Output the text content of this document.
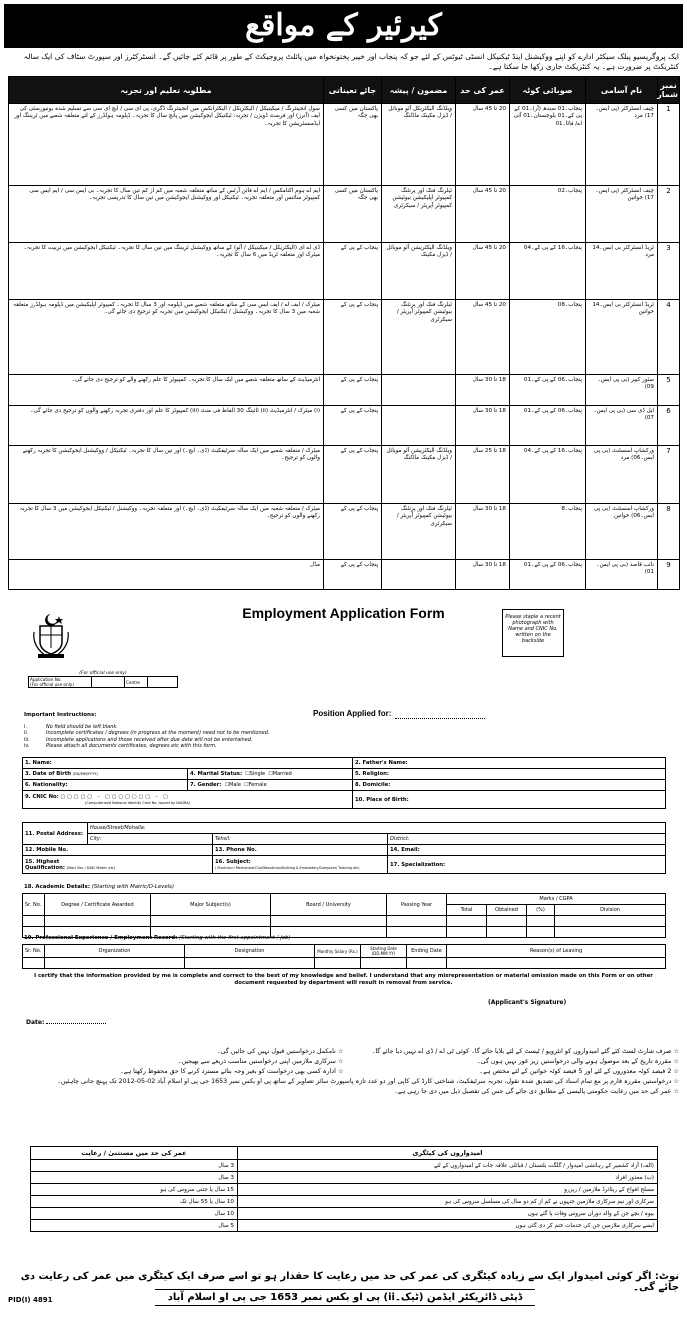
کیرئیر کے مواقع
ایک پروگریسیو پبلک سیکٹر ادارے کو اپنے ووکیشنل اینڈ ٹیکنیکل انسٹی ٹیوٹس کے لئے جو کہ پنجاب اور خیبر پختونخواہ میں پائلٹ پروجیکٹ کے طور پر قائم کئے جائیں گے۔ انسٹرکٹرز اور سپورٹ سٹاف کی ایک سالہ کنٹریکٹ پر ضرورت ہے۔ یہ کنٹریکٹ جاری رکھا جا سکتا ہے۔
نمبر شمار	نام آسامی	صوبائی کوٹہ	عمر کی حد	مضمون / پیشہ	جائے تعیناتی	مطلوبہ تعلیم اور تجربہ
1	چیف انسٹرکٹر (پی ایس۔17) مرد	پنجاب۔01 سندھ (آر)۔01 کے پی کے۔01 بلوچستان۔01 آئی اے/ فاٹا۔01	20 تا 45 سال	ویلڈنگ الیکٹریکل آٹو موبائل / ڈیزل مکینک ماڈلنگ	پاکستان میں کسی بھی جگہ	سول انجینئرنگ / میکینیکل / الیکٹریکل / الیکٹرانکس میں انجینئرنگ ڈگری، پی ای سی / ایچ ای سی سے تسلیم شدہ یونیورسٹی کی ایف (آنرز) اور فرسٹ ڈویژن / تجربہ: ٹیکنیکل ایجوکیشن میں پانچ سال کا تجربہ۔ ڈپلومہ ہولڈرز کے لئے متعلقہ شعبے میں ٹریننگ اور ایڈمنسٹریشن کا تجربہ۔
2	چیف انسٹرکٹر (پی ایس۔17) خواتین	پنجاب۔02	20 تا 45 سال	ٹیلرنگ فنک اور پرنٹنگ کمپیوٹر اپلیکیشن بیوٹیشن کمپیوٹر آپریٹر / سیکرٹری	پاکستان میں کسی بھی جگہ	ایم اے ہوم اکنامکس / ایم اے فائن آرٹس کے ساتھ متعلقہ شعبہ میں کم از کم تین سال کا تجربہ۔ بی ایس سی / ایم ایس سی کمپیوٹر سائنس اور متعلقہ تجربہ۔ ٹیکنیکل اور ووکیشنل ایجوکیشن میں تین سال کا تدریسی تجربہ۔
3	ٹریڈ انسٹرکٹر بی ایس۔14 مرد	پنجاب۔16 کے پی کے۔04	20 تا 45 سال	ویلڈنگ الیکٹریشن آٹو موبائل / ڈیزل مکینک	پنجاب کے پی کے	ڈی اے ای (الیکٹریکل / میکینیکل / آٹو) کے ساتھ ووکیشنل ٹریننگ میں تین سال کا تجربہ۔ ٹیکنیکل ایجوکیشن میں تربیت کا تجربہ۔ میٹرک اور متعلقہ ٹریڈ میں 6 سال کا تجربہ۔
4	ٹریڈ انسٹرکٹر بی ایس۔14 خواتین	پنجاب۔08	20 تا 45 سال	ٹیلرنگ فنک اور پرنٹنگ بیوٹیشن کمپیوٹر آپریٹر / سیکرٹری	پنجاب کے پی کے	میٹرک / ایف اے / ایف ایس سی کے ساتھ متعلقہ شعبے میں ڈپلومہ اور 3 سال کا تجربہ۔ کمپیوٹر اپلیکیشن میں ڈپلومہ ہولڈرز متعلقہ شعبہ میں 3 سال کا تجربہ۔ ووکیشنل / ٹیکنیکل ایجوکیشن میں تجربہ کو ترجیح دی جائے گی۔
5	سٹور کیپر (بی پی ایس۔09)	پنجاب۔06 کے پی کے۔01	18 تا 30 سال		پنجاب کے پی کے	انٹرمیڈیٹ کے ساتھ متعلقہ شعبے میں ایک سال کا تجربہ۔ کمپیوٹر کا علم رکھنے والے کو ترجیح دی جائے گی۔
6	ایل ڈی سی (بی پی ایس۔07)	پنجاب۔06 کے پی کے۔01	18 تا 30 سال		پنجاب کے پی کے	(i) میٹرک / انٹرمیڈیٹ (ii) ٹائپنگ 30 الفاظ فی منٹ (iii) کمپیوٹر کا علم اور دفتری تجربہ رکھنے والوں کو ترجیح دی جائے گی۔
7	ورکشاپ اسسٹنٹ (بی پی ایس۔06) مرد	پنجاب۔16 کے پی کے۔04	18 تا 25 سال	ویلڈنگ الیکٹریشن آٹو موبائل / ڈیزل مکینک ماڈلنگ	پنجاب کے پی کے	میٹرک / متعلقہ شعبے میں ایک سالہ سرٹیفکیٹ (ڈی۔ ایچ۔) اور تین سال کا تجربہ۔ ٹیکنیکل / ووکیشنل ایجوکیشن کا تجربہ رکھنے والوں کو ترجیح۔
8	ورکشاپ اسسٹنٹ (بی پی ایس۔06) خواتین	پنجاب۔8	18 تا 30 سال	ٹیلرنگ فنک اور پرنٹنگ بیوٹیشن کمپیوٹر آپریٹر / سیکرٹری	پنجاب کے پی کے	میٹرک / متعلقہ شعبہ میں ایک سالہ سرٹیفکیٹ (ڈی۔ ایچ۔) اور متعلقہ تجربہ۔ ووکیشنل / ٹیکنیکل ایجوکیشن میں 3 سال کا تجربہ رکھنے والوں کو ترجیح۔
9	نائب قاصد (بی پی ایس۔01)	پنجاب۔06 کے پی کے۔01	18 تا 30 سال		پنجاب کے پی کے	مڈل
Employment Application Form	Please staple a recent photograph with Name and CNIC No. written on the backside
(For official use only)
Application No.
(For official use only)		Centre	
Important Instructions:
i.	No field should be left blank.
ii.	Incomplete certificates / degrees (in progress at the moment) need not to be mentioned.
iii.	Incomplete applications and those received after due date will not be entertained.
iv.	Please attach all documents certificates, degrees etc with this form.
Position Applied for:
1. Name:		2. Father's Name:
3. Date of Birth (DD/MM/YYYY)	4. Marital Status: ☐Single ☐Married	5. Religion:
6. Nationality:	7. Gender: ☐Male ☐Female	8. Domicile:
9. CNIC No: ▢▢▢▢▢ - ▢▢▢▢▢▢▢ - ▢
(Computerized National Identity Card No. issued by NADRA)		10. Place of Birth:
11. Postal Address:	House/Street/Mohalla:		
	City:	Tehsil:	District:
12. Mobile No.		13. Phone No.	14. Email:
15. Highest
Qualification: (Mac/ Bsc / DAE/ Matric etc)		16. Subject:
( Electrical / Mechanical/Civil/Beautician/Knitting & Embroidery/Computer/ Tailoring etc)	17. Specialization:
18. Academic Details: (Starting with Matric/O-Levels)
Sr. No.	Degree / Certificate Awarded	Major Subject(s)	Board / University	Passing Year	Marks / CGPA			
					Total	Obtained	(%)	Division

19. Professional Experience / Employment Record: (Starting with the first appointment / job)
Sr. No.	Organization	Designation	Monthly Salary (Rs.)	Starting Date (DD.MM.YY)	Ending Date	Reason(s) of Leaving

I certify that the information provided by me is complete and correct to the best of my knowledge and belief. I understand that any misrepresentation or material omission made on this Form or on other document requested by department will result in removal from service.
(Applicant's Signature)
Date:

☆ صرف شارٹ لسٹ کئے گئے امیدواروں کو انٹرویو / ٹیسٹ کے لئے بلایا جائے گا۔ کوئی ٹی اے / ڈی اے نہیں دیا جائے گا۔

☆ مقررہ تاریخ کے بعد موصول ہونے والی درخواستیں زیر غور نہیں ہوں گی۔

☆ 2 فیصد کوٹہ معذوروں کے لئے اور 5 فیصد کوٹہ خواتین کے لئے مختص ہے۔

☆ نامکمل درخواستیں قبول نہیں کی جائیں گی۔

☆ سرکاری ملازمین اپنی درخواستیں مناسب ذریعے سے بھیجیں۔

☆ ادارہ کسی بھی درخواست کو بغیر وجہ بتائے مسترد کرنے کا حق محفوظ رکھتا ہے۔

☆ درخواستیں مقررہ فارم پر مع تمام اسناد کی تصدیق شدہ نقول، تجربہ سرٹیفکیٹ، شناختی کارڈ کی کاپی اور دو عدد تازہ پاسپورٹ سائز تصاویر کے ساتھ پی او بکس نمبر 1653 جی پی او اسلام آباد 02-05-2012 تک پہنچ جانی چاہئیں۔

☆ عمر کی حد میں رعایت حکومتی پالیسی کے مطابق دی جائے گی جس کی تفصیل ذیل میں دی جا رہی ہے۔

امیدواروں کی کیٹگری	عمر کی حد میں مستثنیٰ / رعایت
(الف) آزاد کشمیر کے رہائشی امیدوار / گلگت بلتستان / قبائلی علاقہ جات کے امیدواروں کے لئے	3 سال
(ب) معذور افراد	3 سال
مسلح افواج کے ریٹائرڈ ملازمین / ریزرو	15 سال یا جتنی سروس کی ہو
سرکاری اور نیم سرکاری ملازمین جنہوں نے کم از کم دو سال کی مسلسل سروس کی ہو	10 سال یا 55 سال تک
بیوہ / بچے جن کے والد دوران سروس وفات پا گئے ہوں	10 سال
ایسے سرکاری ملازمین جن کی خدمات ختم کر دی گئی ہوں	5 سال
نوٹ: اگر کوئی امیدوار ایک سے زیادہ کیٹگری کی عمر کی حد میں رعایت کا حقدار ہو تو اسے صرف ایک کیٹگری میں عمر کی رعایت دی جائے گی۔
ڈپٹی ڈائریکٹر ایڈمن (ٹیک۔ii) پی او بکس نمبر 1653 جی پی او اسلام آباد
PID(I) 4891
